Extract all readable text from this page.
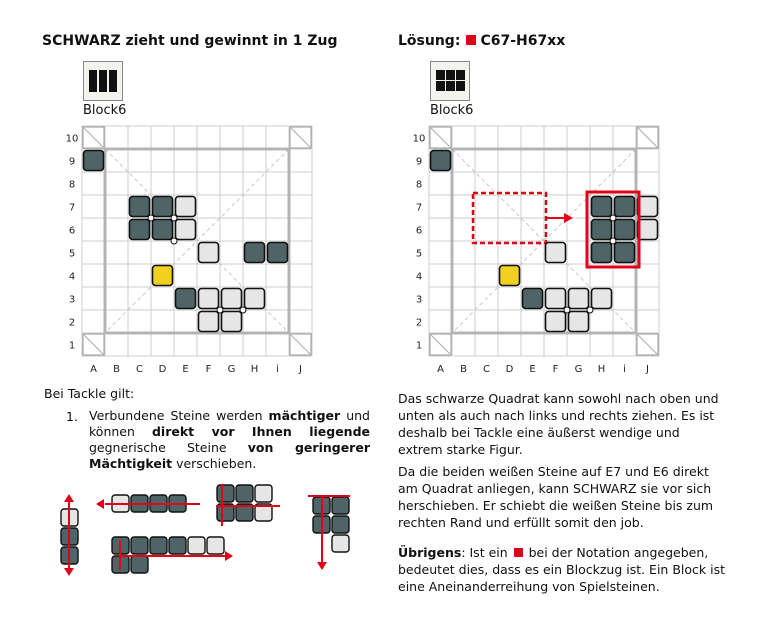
SCHWARZ zieht und gewinnt in 1 Zug	Lösung: C67-H67xx
Block6	Block6
10
9
8
7
6
5
4
3
2
1
A B C D E F G H i J
10
9
8
7
6
5
4
3
2
1
A B C D E F G H i J
Bei Tackle gilt:
1. Verbundene Steine werden mächtiger und können direkt vor Ihnen liegende gegnerische Steine von geringerer Mächtigkeit verschieben.
Das schwarze Quadrat kann sowohl nach oben und unten als auch nach links und rechts ziehen. Es ist deshalb bei Tackle eine äußerst wendige und extrem starke Figur.
Da die beiden weißen Steine auf E7 und E6 direkt am Quadrat anliegen, kann SCHWARZ sie vor sich herschieben. Er schiebt die weißen Steine bis zum rechten Rand und erfüllt somit den job.
Übrigens: Ist ein  bei der Notation angegeben, bedeutet dies, dass es ein Blockzug ist. Ein Block ist eine Aneinanderreihung von Spielsteinen.
